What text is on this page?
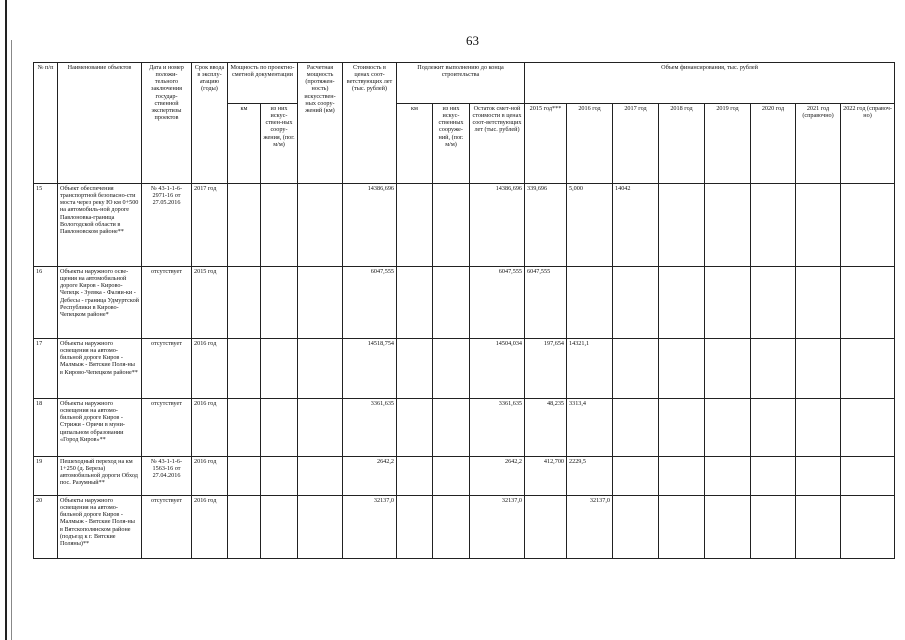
63
№ п/п	Наименование объектов	Дата и номер положи-тельного заключения государ-ственной экспертизы проектов	Срок ввода в эксплу-атацию (годы)	Мощность по проектно-сметной документации		Расчетная мощность (протяжен-ность) искусствен-ных соору-жений (км)	Стоимость в ценах соот-ветствующих лет (тыс. рублей)	Подлежит выполнению до конца строительства			Объем финансирования, тыс. рублей							
				км	из них искус-ствен-ных соору-жения, (пог. м/м)			км	из них искус-ственных сооруже-ний, (пог. м/м)	Остаток смет-ной стоимости в ценах соот-ветствующих лет (тыс. рублей)	2015 год***	2016 год	2017 год	2018 год	2019 год	2020 год	2021 год (справочно)	2022 год (справоч-но)
15	Объект обеспечения транспортной безопасно-сти моста через реку Ю км 0+500 на автомобиль-ной дороге Павлоновка-граница Вологодской области в Павлоновском районе**	№ 43-1-1-6-2971-16 от 27.05.2016	2017 год				14386,696			14386,696	339,696	5,000	14042					
16	Объекты наружного осве-щения на автомобильной дороге Киров - Кирово-Чепецк - Зуевка - Фаляи-ки - Дебесы - граница Удмуртской Республики в Кирово-Чепецком районе*	отсутствует	2015 год				6047,555			6047,555	6047,555							
17	Объекты наружного освещения на автомо-бильной дороге Киров - Малмыж - Вятские Поля-ны в Кирово-Чепецком районе**	отсутствует	2016 год				14518,754			14504,034	197,654	14321,1						
18	Объекты наружного освещения на автомо-бильной дороге Киров - Стрижи - Оричи в муни-ципальном образовании «Город Киров»**	отсутствует	2016 год				3361,635			3361,635	48,235	3313,4						
19	Пешеходный переход на км 1+250 (д. Береза) автомобильной дороги Обход пос. Разумный**	№ 43-1-1-6-1563-16 от 27.04.2016	2016 год				2642,2			2642,2	412,700	2229,5						
20	Объекты наружного освещения на автомо-бильной дороге Киров - Малмыж - Вятские Поля-ны в Вятскополянском районе (подъезд к г. Вятские Поляны)**	отсутствует	2016 год				32137,0			32137,0		32137,0						
